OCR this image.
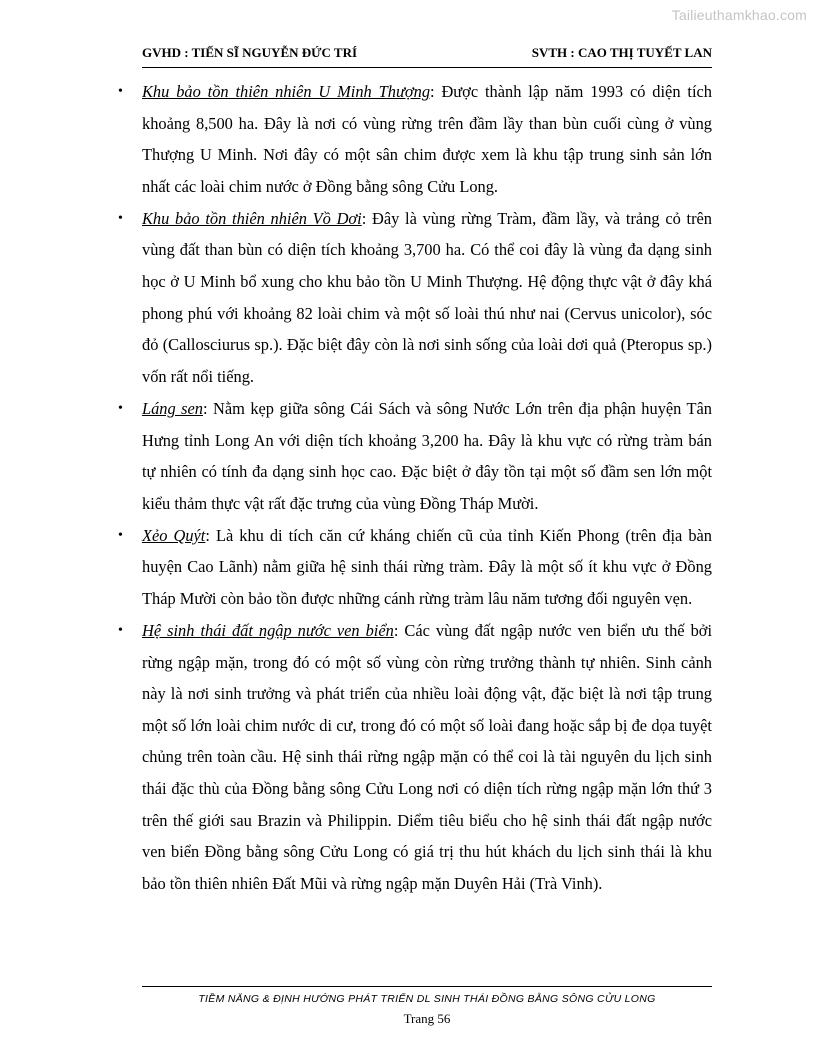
Tailieuthamkhao.com
GVHD : TIẾN SĨ NGUYỄN ĐỨC TRÍ	SVTH : CAO THỊ TUYẾT LAN
• Khu bảo tồn thiên nhiên U Minh Thượng: Được thành lập năm 1993 có diện tích khoảng 8,500 ha. Đây là nơi có vùng rừng trên đầm lầy than bùn cuối cùng ở vùng Thượng U Minh. Nơi đây có một sân chim được xem là khu tập trung sinh sản lớn nhất các loài chim nước ở Đồng bằng sông Cửu Long.
• Khu bảo tồn thiên nhiên Vồ Dơi: Đây là vùng rừng Tràm, đầm lầy, và trảng cỏ trên vùng đất than bùn có diện tích khoảng 3,700 ha. Có thể coi đây là vùng đa dạng sinh học ở U Minh bổ xung cho khu bảo tồn U Minh Thượng. Hệ động thực vật ở đây khá phong phú với khoảng 82 loài chim và một số loài thú như nai (Cervus unicolor), sóc đỏ (Callosciurus sp.). Đặc biệt đây còn là nơi sinh sống của loài dơi quả (Pteropus sp.) vốn rất nổi tiếng.
• Láng sen: Nằm kẹp giữa sông Cái Sách và sông Nước Lớn trên địa phận huyện Tân Hưng tỉnh Long An với diện tích khoảng 3,200 ha. Đây là khu vực có rừng tràm bán tự nhiên có tính đa dạng sinh học cao. Đặc biệt ở đây tồn tại một số đầm sen lớn một kiểu thảm thực vật rất đặc trưng của vùng Đồng Tháp Mười.
• Xẻo Quýt: Là khu di tích căn cứ kháng chiến cũ của tỉnh Kiến Phong (trên địa bàn huyện Cao Lãnh) nằm giữa hệ sinh thái rừng tràm. Đây là một số ít khu vực ở Đồng Tháp Mười còn bảo tồn được những cánh rừng tràm lâu năm tương đối nguyên vẹn.
• Hệ sinh thái đất ngập nước ven biển: Các vùng đất ngập nước ven biển ưu thế bởi rừng ngập mặn, trong đó có một số vùng còn rừng trưởng thành tự nhiên. Sinh cảnh này là nơi sinh trưởng và phát triển của nhiều loài động vật, đặc biệt là nơi tập trung một số lớn loài chim nước di cư, trong đó có một số loài đang hoặc sắp bị đe dọa tuyệt chủng trên toàn cầu. Hệ sinh thái rừng ngập mặn có thể coi là tài nguyên du lịch sinh thái đặc thù của Đồng bằng sông Cửu Long nơi có diện tích rừng ngập mặn lớn thứ 3 trên thế giới sau Brazin và Philippin. Diểm tiêu biểu cho hệ sinh thái đất ngập nước ven biển Đồng bằng sông Cửu Long có giá trị thu hút khách du lịch sinh thái là khu bảo tồn thiên nhiên Đất Mũi và rừng ngập mặn Duyên Hải (Trà Vinh).
TIỀM NĂNG & ĐỊNH HƯỚNG PHÁT TRIỂN DL SINH THÁI ĐỒNG BẰNG SÔNG CỬU LONG
Trang 56
